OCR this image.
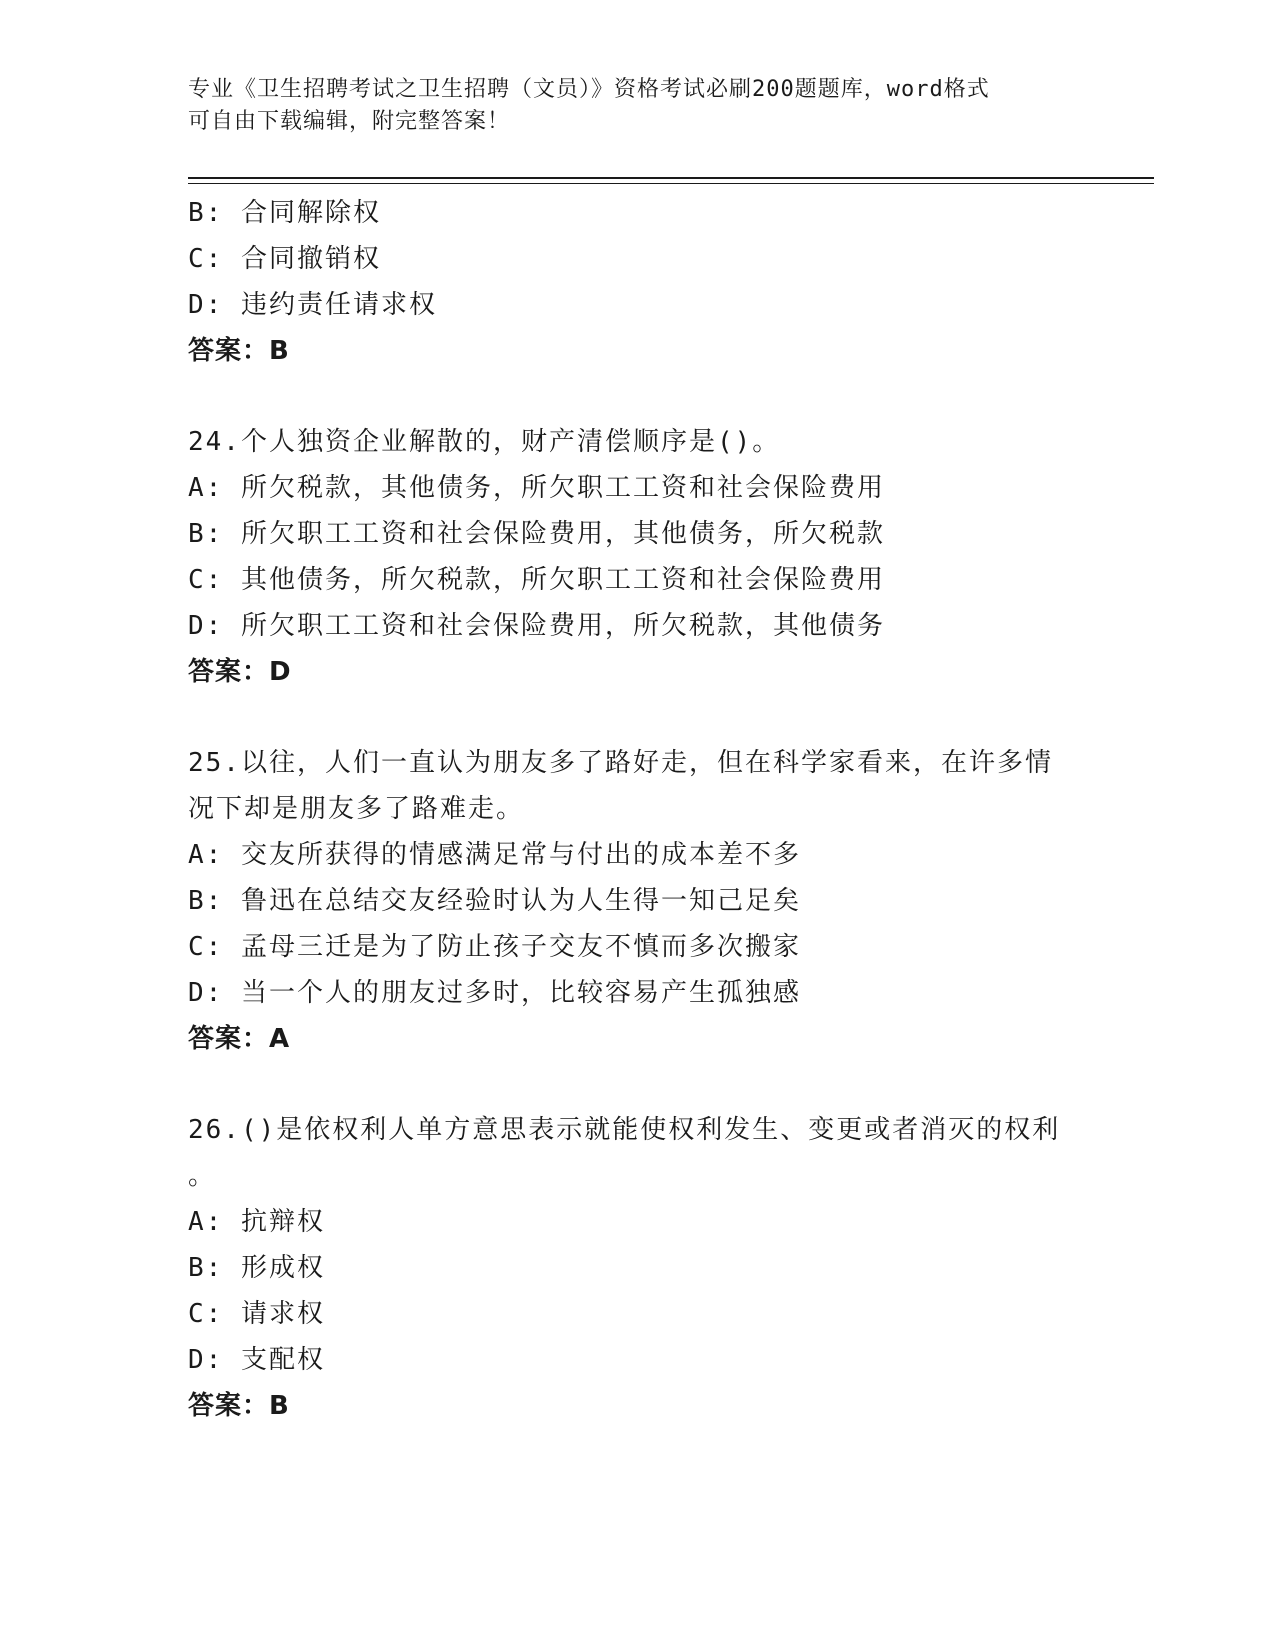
专业《卫生招聘考试之卫生招聘（文员）》资格考试必刷200题题库，word格式
可自由下载编辑，附完整答案！
B: 合同解除权
C: 合同撤销权
D: 违约责任请求权
答案：B
24.个人独资企业解散的，财产清偿顺序是()。
A: 所欠税款，其他债务，所欠职工工资和社会保险费用
B: 所欠职工工资和社会保险费用，其他债务，所欠税款
C: 其他债务，所欠税款，所欠职工工资和社会保险费用
D: 所欠职工工资和社会保险费用，所欠税款，其他债务
答案：D
25.以往，人们一直认为朋友多了路好走，但在科学家看来，在许多情
况下却是朋友多了路难走。
A: 交友所获得的情感满足常与付出的成本差不多
B: 鲁迅在总结交友经验时认为人生得一知己足矣
C: 孟母三迁是为了防止孩子交友不慎而多次搬家
D: 当一个人的朋友过多时，比较容易产生孤独感
答案：A
26.()是依权利人单方意思表示就能使权利发生、变更或者消灭的权利
。
A: 抗辩权
B: 形成权
C: 请求权
D: 支配权
答案：B
